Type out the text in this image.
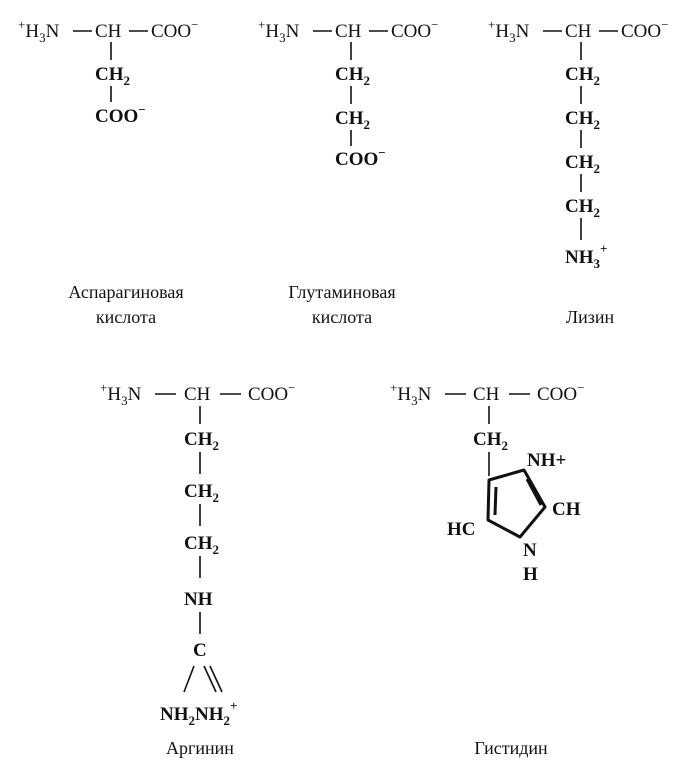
$^+H_3N$ CH COO−
$CH_2$
COO−
Аспарагиновая
кислота
$^+H_3N$ CH COO−
$CH_2$
$CH_2$
COO−
Глутаминовая
кислота
$^+H_3N$ CH COO−
$CH_2$
$CH_2$
$CH_2$
$CH_2$
$NH_3^+$
Лизин
$^+H_3N$ CH COO−
$CH_2$
$CH_2$
$CH_2$
NH
C
$NH_2NH_2^+$
Аргинин
$^+H_3N$ CH COO−
$CH_2$
NH+
HC
CH
N
H
Гистидин
